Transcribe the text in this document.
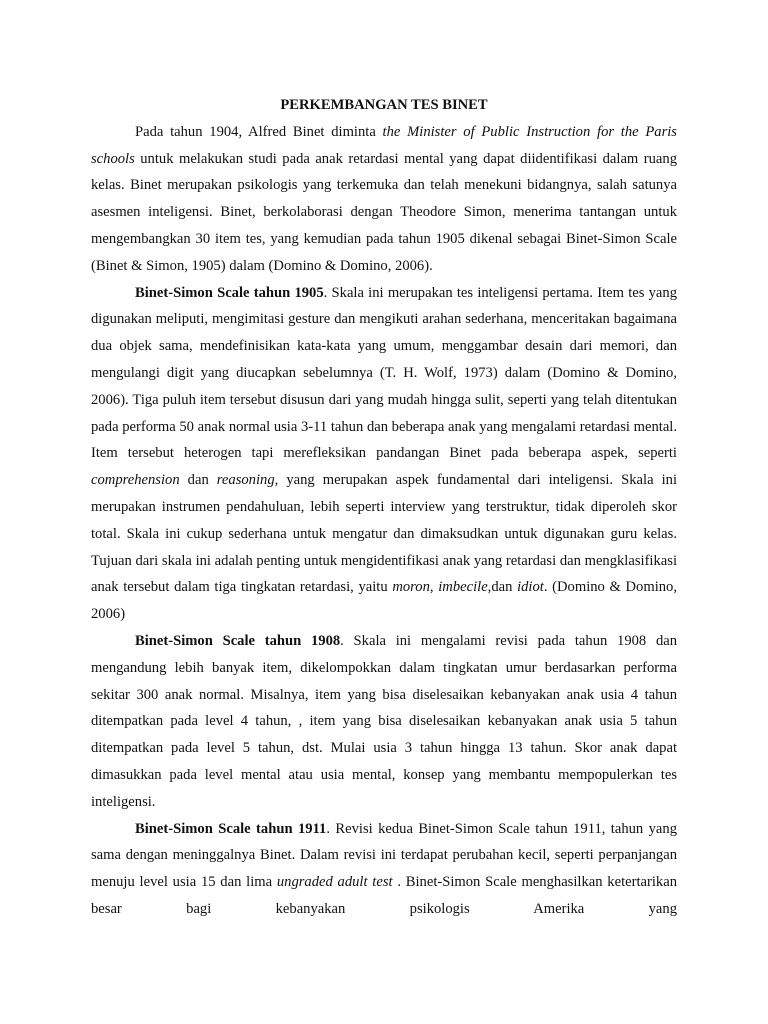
PERKEMBANGAN TES BINET

Pada tahun 1904, Alfred Binet diminta the Minister of Public Instruction for the Paris schools untuk melakukan studi pada anak retardasi mental yang dapat diidentifikasi dalam ruang kelas. Binet merupakan psikologis yang terkemuka dan telah menekuni bidangnya, salah satunya asesmen inteligensi. Binet, berkolaborasi dengan Theodore Simon, menerima tantangan untuk mengembangkan 30 item tes, yang kemudian pada tahun 1905 dikenal sebagai Binet-Simon Scale (Binet & Simon, 1905) dalam (Domino & Domino, 2006).

Binet-Simon Scale tahun 1905. Skala ini merupakan tes inteligensi pertama. Item tes yang digunakan meliputi, mengimitasi gesture dan mengikuti arahan sederhana, menceritakan bagaimana dua objek sama, mendefinisikan kata-kata yang umum, menggambar desain dari memori, dan mengulangi digit yang diucapkan sebelumnya (T. H. Wolf, 1973) dalam (Domino & Domino, 2006). Tiga puluh item tersebut disusun dari yang mudah hingga sulit, seperti yang telah ditentukan pada performa 50 anak normal usia 3-11 tahun dan beberapa anak yang mengalami retardasi mental. Item tersebut heterogen tapi merefleksikan pandangan Binet pada beberapa aspek, seperti comprehension dan reasoning, yang merupakan aspek fundamental dari inteligensi. Skala ini merupakan instrumen pendahuluan, lebih seperti interview yang terstruktur, tidak diperoleh skor total. Skala ini cukup sederhana untuk mengatur dan dimaksudkan untuk digunakan guru kelas. Tujuan dari skala ini adalah penting untuk mengidentifikasi anak yang retardasi dan mengklasifikasi anak tersebut dalam tiga tingkatan retardasi, yaitu moron, imbecile,dan idiot. (Domino & Domino, 2006)

Binet-Simon Scale tahun 1908. Skala ini mengalami revisi pada tahun 1908 dan mengandung lebih banyak item, dikelompokkan dalam tingkatan umur berdasarkan performa sekitar 300 anak normal. Misalnya, item yang bisa diselesaikan kebanyakan anak usia 4 tahun ditempatkan pada level 4 tahun, , item yang bisa diselesaikan kebanyakan anak usia 5 tahun ditempatkan pada level 5 tahun, dst. Mulai usia 3 tahun hingga 13 tahun. Skor anak dapat dimasukkan pada level mental atau usia mental, konsep yang membantu mempopulerkan tes inteligensi.

Binet-Simon Scale tahun 1911. Revisi kedua Binet-Simon Scale tahun 1911, tahun yang sama dengan meninggalnya Binet. Dalam revisi ini terdapat perubahan kecil, seperti perpanjangan menuju level usia 15 dan lima ungraded adult test . Binet-Simon Scale menghasilkan ketertarikan besar bagi kebanyakan psikologis Amerika yang
